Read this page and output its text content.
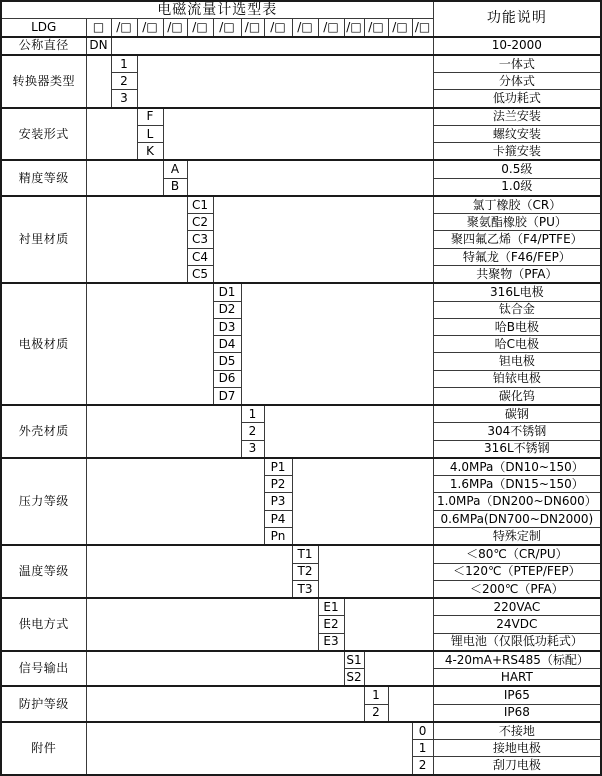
电磁流量计选型表															功能说明
LDG	□	/□	/□	/□	/□	/□	/□	/□	/□	/□	/□	/□	/□	/□	
公称直径	DN														10-2000
转换器类型		1													一体式
		2													分体式
		3													低功耗式
安装形式			F												法兰安装
			L												螺纹安装
			K												卡箍安装
精度等级				A											0.5级
				B											1.0级
衬里材质					C1										氯丁橡胶（CR）
					C2										聚氨酯橡胶（PU）
					C3										聚四氟乙烯（F4/PTFE）
					C4										特氟龙（F46/FEP）
					C5										共聚物（PFA）
电极材质						D1									316L电极
						D2									钛合金
						D3									哈B电极
						D4									哈C电极
						D5									钽电极
						D6									铂铱电极
						D7									碳化钨
外壳材质							1								碳钢
							2								304不锈钢
							3								316L不锈钢
压力等级								P1							4.0MPa（DN10~150）
								P2							1.6MPa（DN15~150）
								P3							1.0MPa（DN200~DN600）
								P4							0.6MPa(DN700~DN2000)
								Pn							特殊定制
温度等级									T1						＜80℃（CR/PU）
									T2						＜120℃（PTEP/FEP）
									T3						＜200℃（PFA）
供电方式										E1					220VAC
										E2					24VDC
										E3					锂电池（仅限低功耗式）
信号输出											S1				4-20mA+RS485（标配）
											S2				HART
防护等级												1			IP65
												2			IP68
附件														0	不接地
														1	接地电极
														2	刮刀电极
